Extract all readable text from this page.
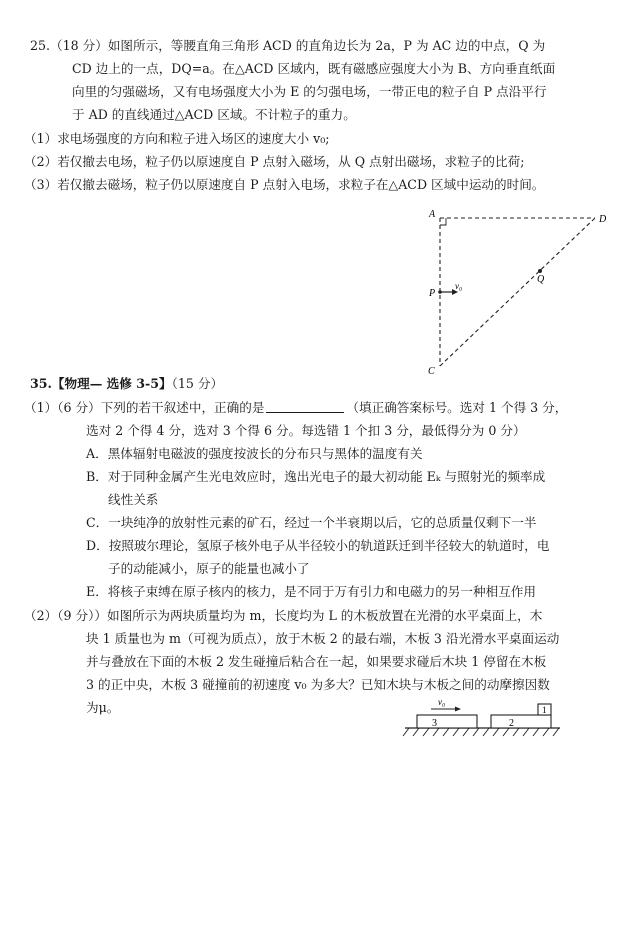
25.（18 分）如图所示，等腰直角三角形 ACD 的直角边长为 2a，P 为 AC 边的中点，Q 为
CD 边上的一点，DQ=a。在△ACD 区域内，既有磁感应强度大小为 B、方向垂直纸面
向里的匀强磁场，又有电场强度大小为 E 的匀强电场，一带正电的粒子自 P 点沿平行
于 AD 的直线通过△ACD 区域。不计粒子的重力。
（1）求电场强度的方向和粒子进入场区的速度大小 v₀;
（2）若仅撤去电场，粒子仍以原速度自 P 点射入磁场，从 Q 点射出磁场，求粒子的比荷;
（3）若仅撤去磁场，粒子仍以原速度自 P 点射入电场，求粒子在△ACD 区域中运动的时间。
A	D
P
v₀
Q
C
35.【物理— 选修 3-5】（15 分）
（1）（6 分）下列的若干叙述中，正确的是	（填正确答案标号。选对 1 个得 3 分，
选对 2 个得 4 分，选对 3 个得 6 分。每选错 1 个扣 3 分，最低得分为 0 分）
A．黑体辐射电磁波的强度按波长的分布只与黑体的温度有关
B．对于同种金属产生光电效应时，逸出光电子的最大初动能 Eₖ 与照射光的频率成
线性关系
C．一块纯净的放射性元素的矿石，经过一个半衰期以后，它的总质量仅剩下一半
D．按照玻尔理论，氢原子核外电子从半径较小的轨道跃迁到半径较大的轨道时，电
子的动能减小，原子的能量也减小了
E．将核子束缚在原子核内的核力，是不同于万有引力和电磁力的另一种相互作用
（2）（9 分））如图所示为两块质量均为 m，长度均为 L 的木板放置在光滑的水平桌面上，木
块 1 质量也为 m（可视为质点），放于木板 2 的最右端，木板 3 沿光滑水平桌面运动
并与叠放在下面的木板 2 发生碰撞后粘合在一起，如果要求碰后木块 1 停留在木板
3 的正中央，木板 3 碰撞前的初速度 v₀ 为多大？已知木块与木板之间的动摩擦因数
为μ。	v₀
3	2
1
